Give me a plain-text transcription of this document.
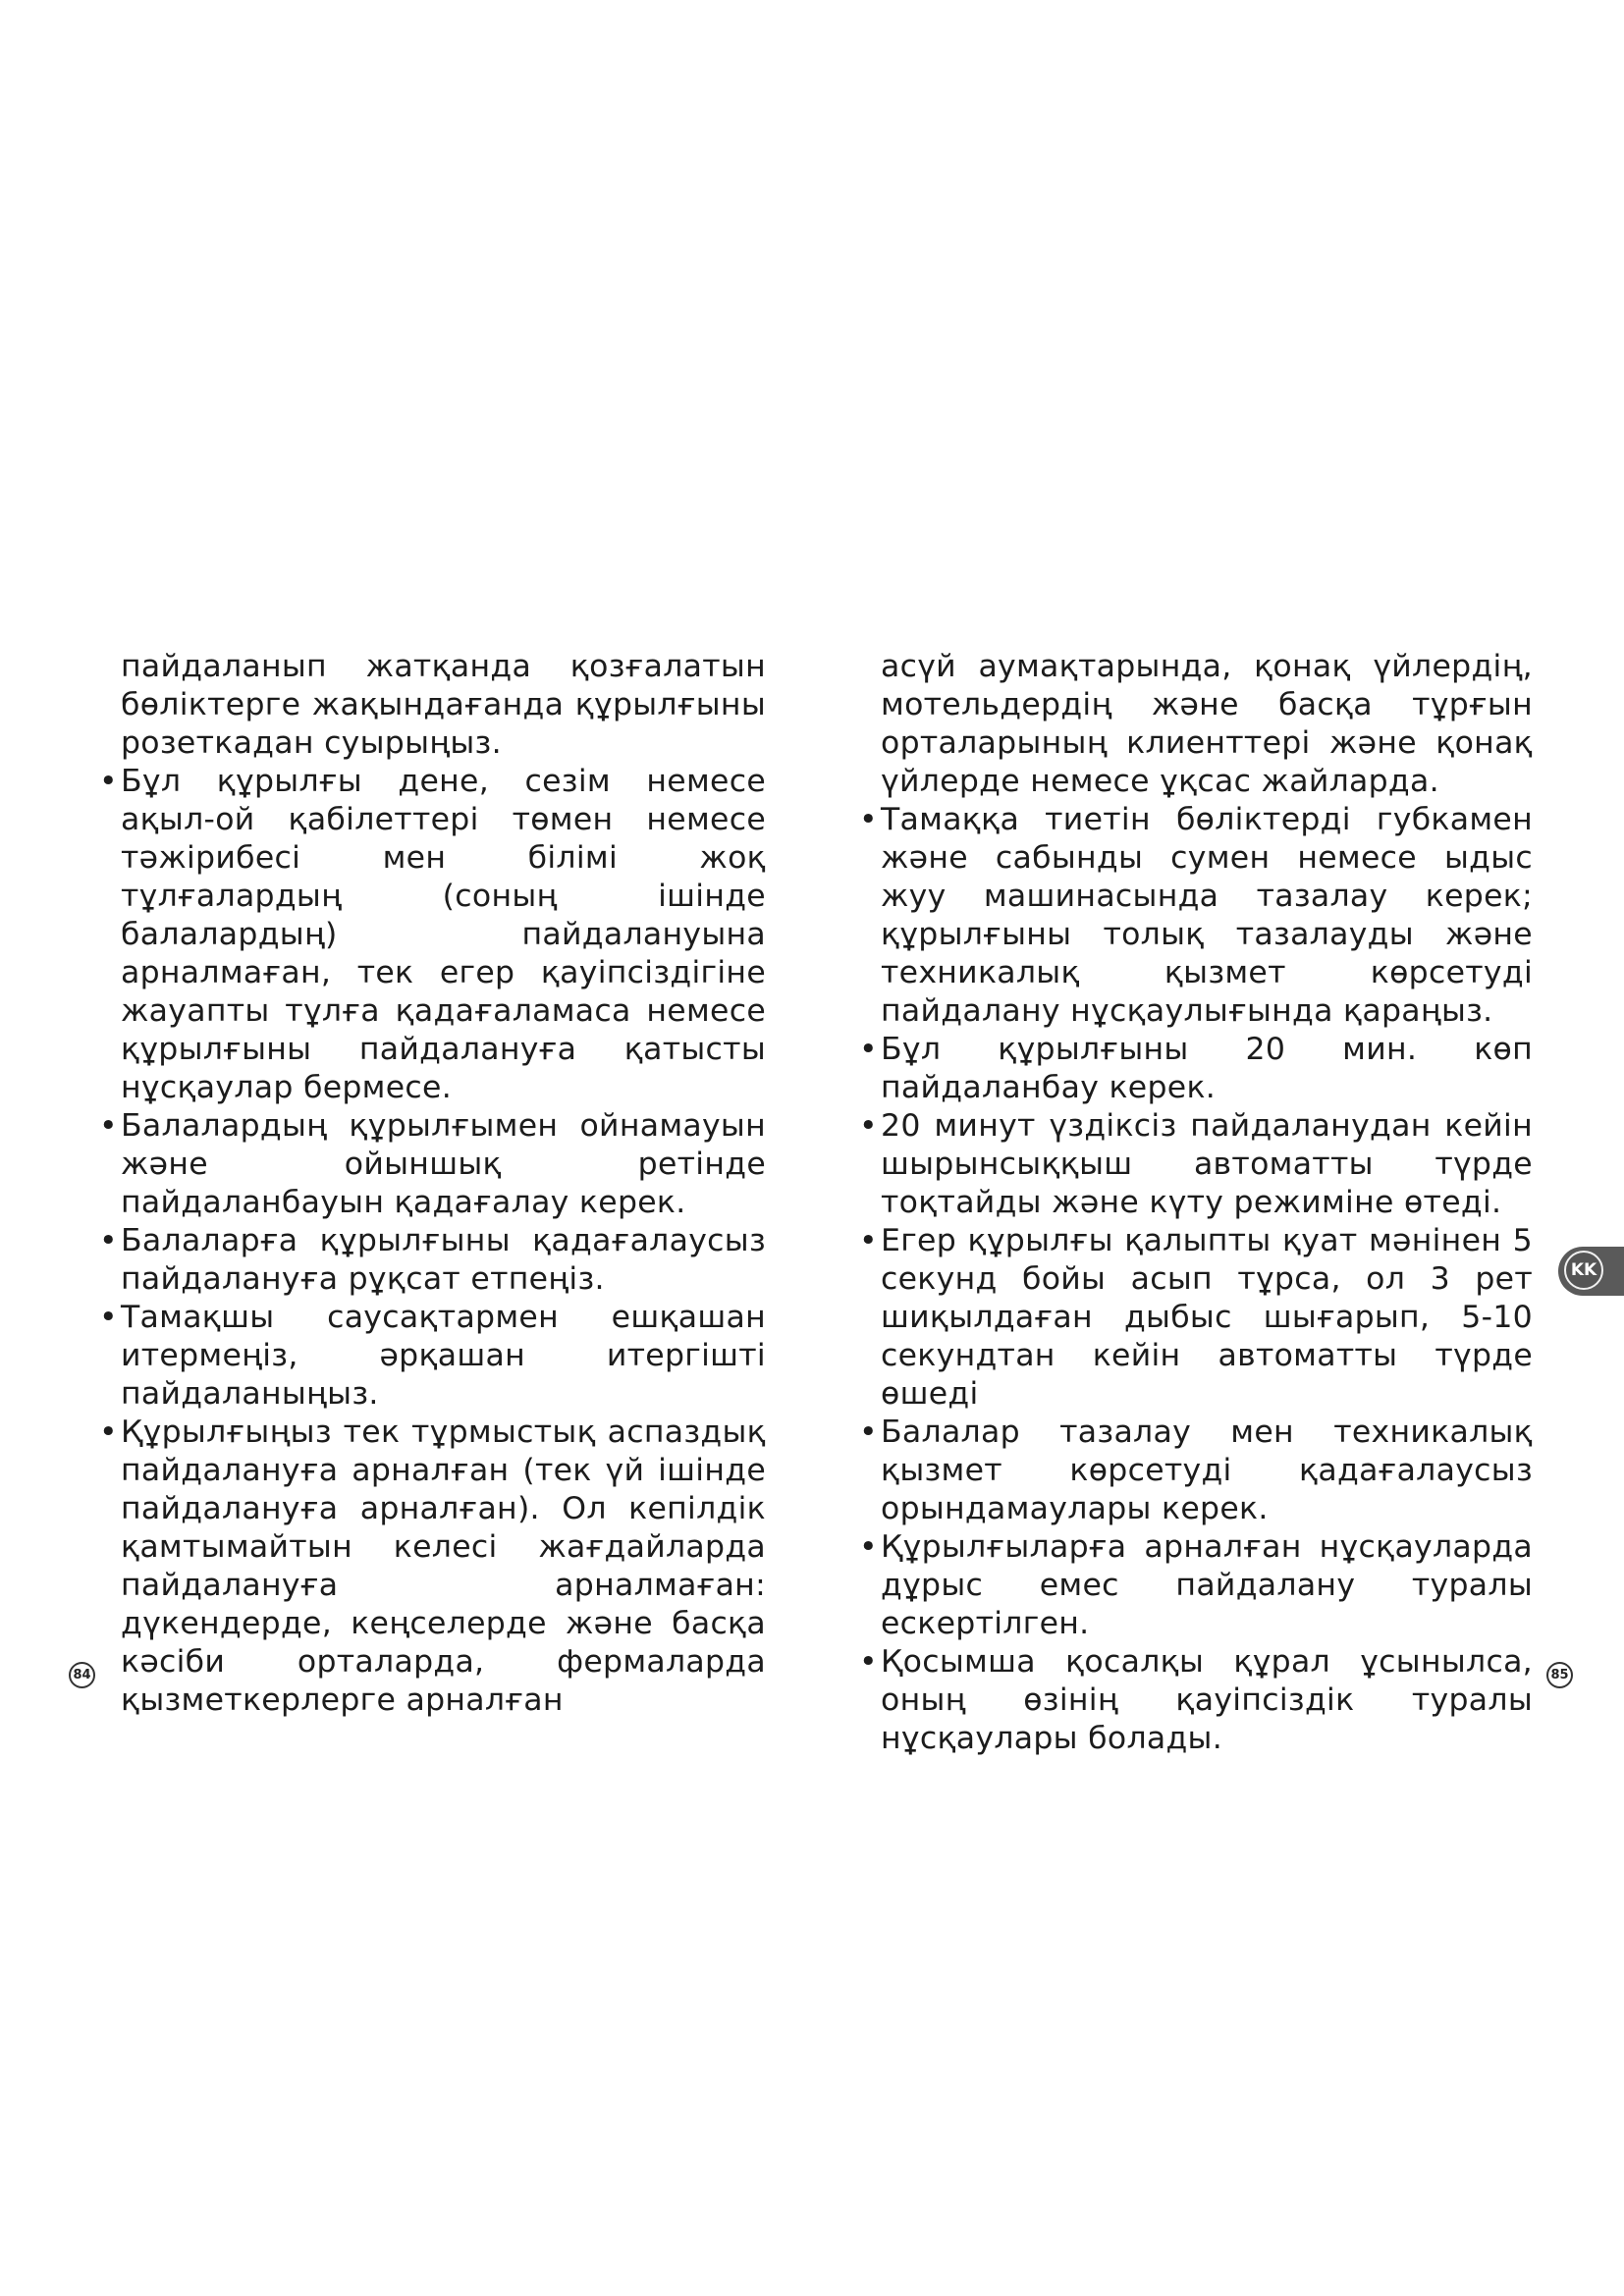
пайдаланып жатқанда қозғалатын бөліктерге жақындағанда құрылғыны розеткадан суырыңыз.

• Бұл құрылғы дене, сезім немесе ақыл-ой қабілеттері төмен немесе тәжірибесі мен білімі жоқ тұлғалардың (соның ішінде балалардың) пайдалануына арналмаған, тек егер қауіпсіздігіне жауапты тұлға қадағаламаса немесе құрылғыны пайдалануға қатысты нұсқаулар бермесе.
• Балалардың құрылғымен ойнамауын және ойыншық ретінде пайдаланбауын қадағалау керек.
• Балаларға құрылғыны қадағалаусыз пайдалануға рұқсат етпеңіз.
• Тамақшы саусақтармен ешқашан итермеңіз, әрқашан итергішті пайдаланыңыз.
• Құрылғыңыз тек тұрмыстық аспаздық пайдалануға арналған (тек үй ішінде пайдалануға арналған). Ол кепілдік қамтымайтын келесі жағдайларда пайдалануға арналмаған: дүкендерде, кеңселерде және басқа кәсіби орталарда, фермаларда қызметкерлерге арналған
84

асүй аумақтарында, қонақ үйлердің, мотельдердің және басқа тұрғын орталарының клиенттері және қонақ үйлерде немесе ұқсас жайларда.

• Тамаққа тиетін бөліктерді губкамен және сабынды сумен немесе ыдыс жуу машинасында тазалау керек; құрылғыны толық тазалауды және техникалық қызмет көрсетуді пайдалану нұсқаулығында қараңыз.
• Бұл құрылғыны 20 мин. көп пайдаланбау керек.
• 20 минут үздіксіз пайдаланудан кейін шырынсыққыш автоматты түрде тоқтайды және күту режиміне өтеді.
• Егер құрылғы қалыпты қуат мәнінен 5 секунд бойы асып тұрса, ол 3 рет шиқылдаған дыбыс шығарып, 5-10 секундтан кейін автоматты түрде өшеді
• Балалар тазалау мен техникалық қызмет көрсетуді қадағалаусыз орындамаулары керек.
• Құрылғыларға арналған нұсқауларда дұрыс емес пайдалану туралы ескертілген.
• Қосымша қосалқы құрал ұсынылса, оның өзінің қауіпсіздік туралы нұсқаулары болады.
KK
85
